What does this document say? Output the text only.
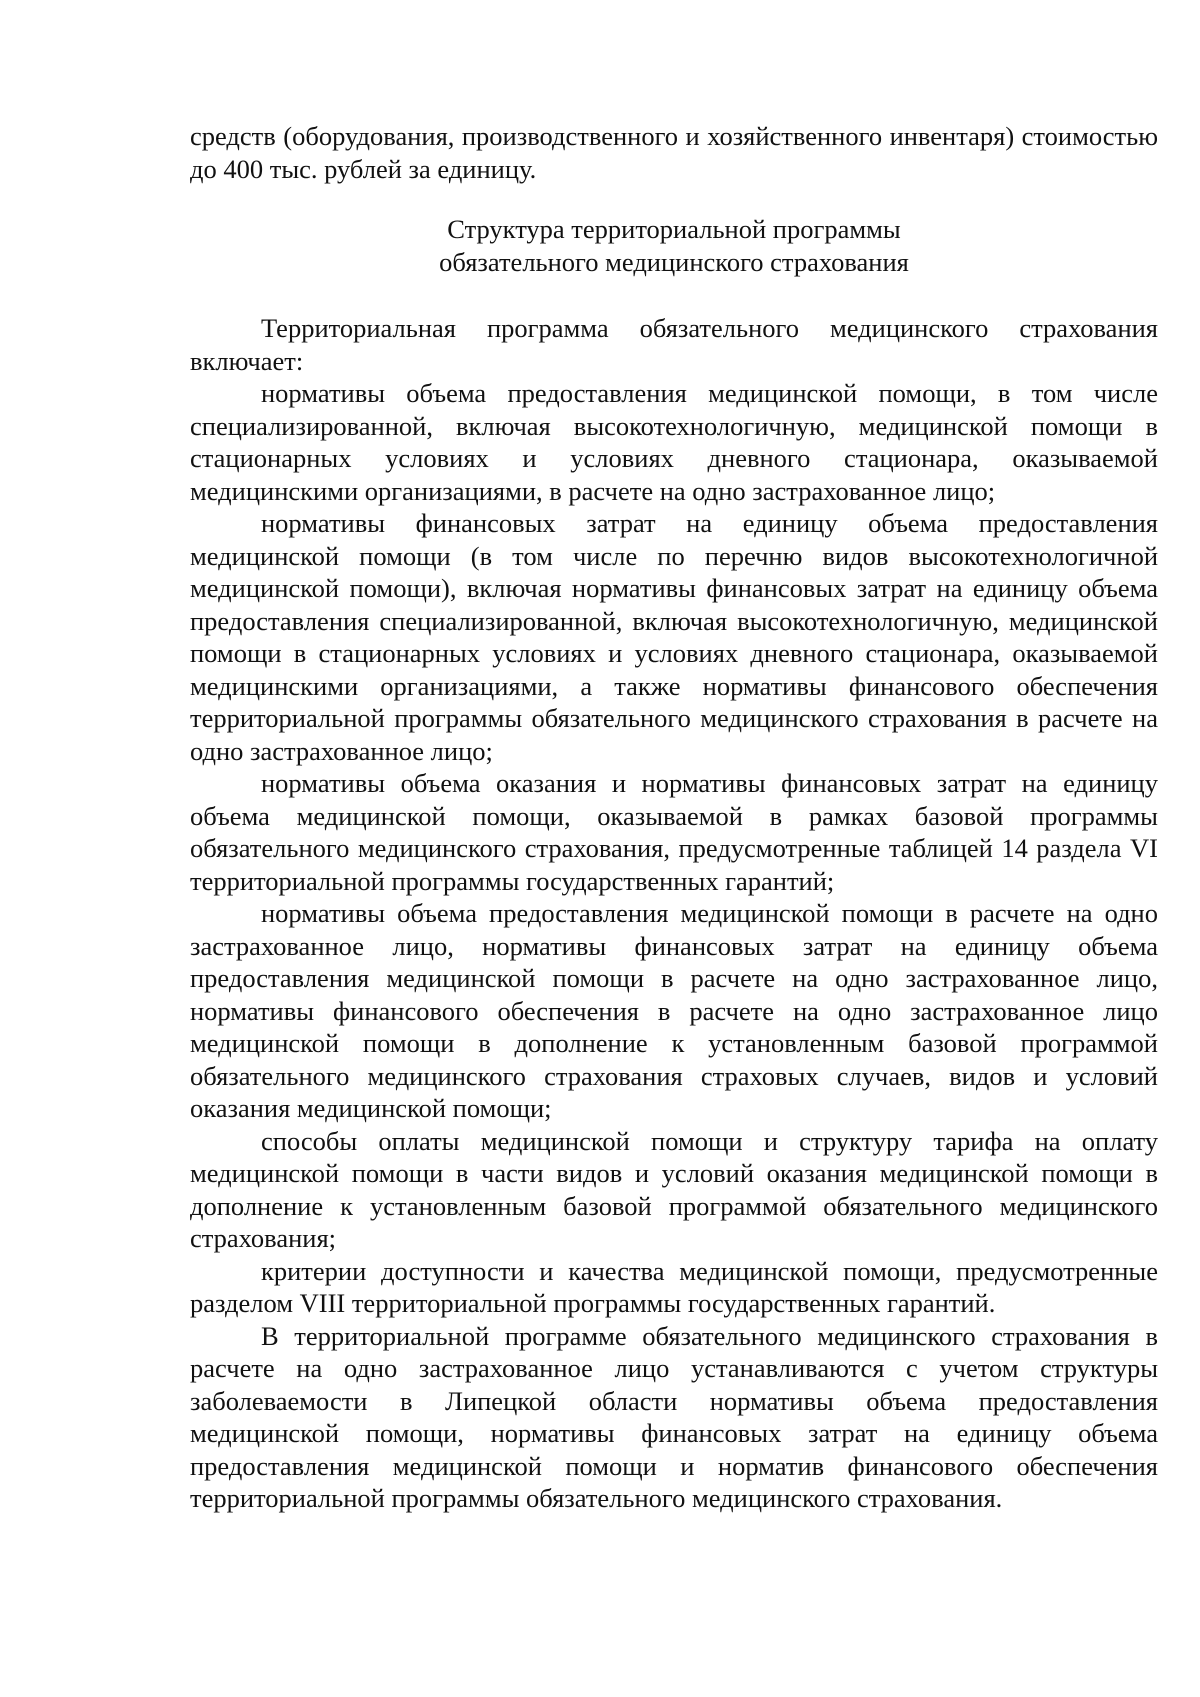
средств (оборудования, производственного и хозяйственного инвентаря) стоимостью до 400 тыс. рублей за единицу.

Структура территориальной программы
обязательного медицинского страхования

Территориальная программа обязательного медицинского страхования включает:

нормативы объема предоставления медицинской помощи, в том числе специализированной, включая высокотехнологичную, медицинской помощи в стационарных условиях и условиях дневного стационара, оказываемой медицинскими организациями, в расчете на одно застрахованное лицо;

нормативы финансовых затрат на единицу объема предоставления медицинской помощи (в том числе по перечню видов высокотехнологичной медицинской помощи), включая нормативы финансовых затрат на единицу объема предоставления специализированной, включая высокотехнологичную, медицинской помощи в стационарных условиях и условиях дневного стационара, оказываемой медицинскими организациями, а также нормативы финансового обеспечения территориальной программы обязательного медицинского страхования в расчете на одно застрахованное лицо;

нормативы объема оказания и нормативы финансовых затрат на единицу объема медицинской помощи, оказываемой в рамках базовой программы обязательного медицинского страхования, предусмотренные таблицей 14 раздела VI территориальной программы государственных гарантий;

нормативы объема предоставления медицинской помощи в расчете на одно застрахованное лицо, нормативы финансовых затрат на единицу объема предоставления медицинской помощи в расчете на одно застрахованное лицо, нормативы финансового обеспечения в расчете на одно застрахованное лицо медицинской помощи в дополнение к установленным базовой программой обязательного медицинского страхования страховых случаев, видов и условий оказания медицинской помощи;

способы оплаты медицинской помощи и структуру тарифа на оплату медицинской помощи в части видов и условий оказания медицинской помощи в дополнение к установленным базовой программой обязательного медицинского страхования;

критерии доступности и качества медицинской помощи, предусмотренные разделом VIII территориальной программы государственных гарантий.

В территориальной программе обязательного медицинского страхования в расчете на одно застрахованное лицо устанавливаются с учетом структуры заболеваемости в Липецкой области нормативы объема предоставления медицинской помощи, нормативы финансовых затрат на единицу объема предоставления медицинской помощи и норматив финансового обеспечения территориальной программы обязательного медицинского страхования.
